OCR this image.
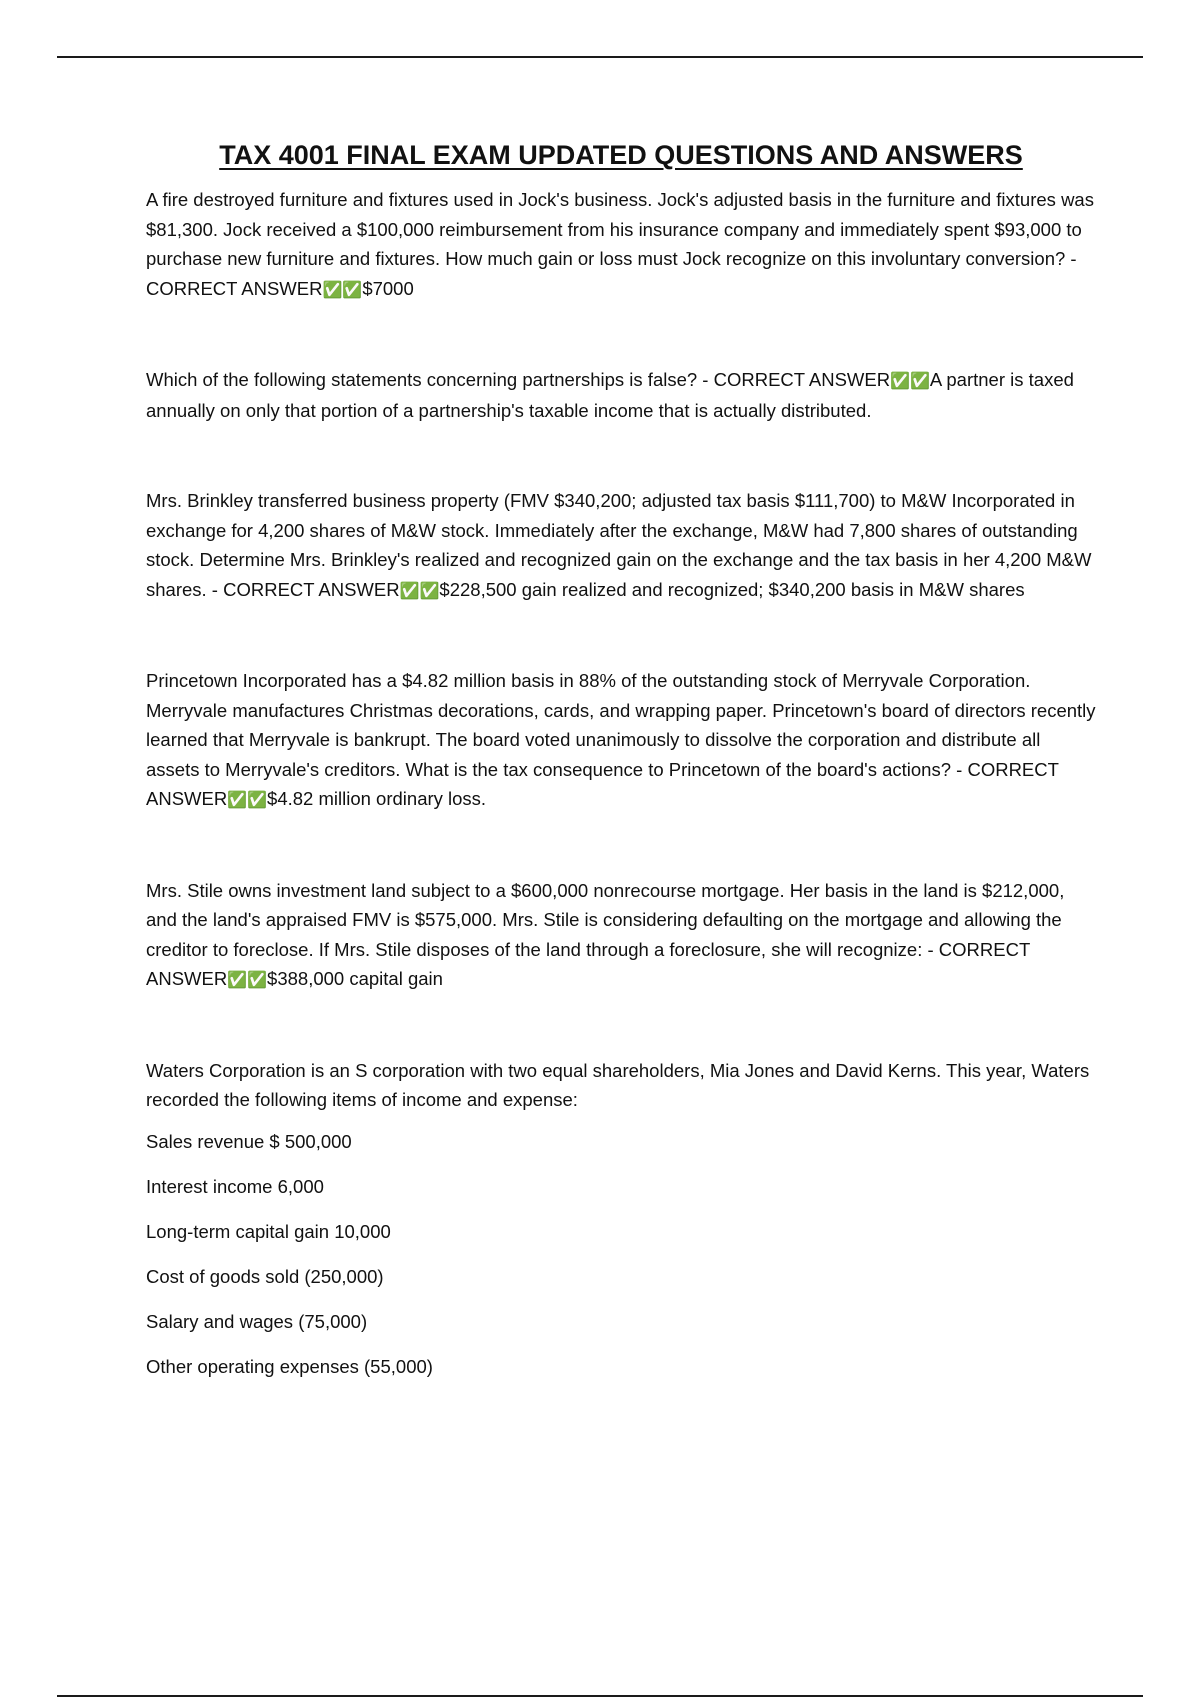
TAX 4001 FINAL EXAM UPDATED QUESTIONS AND ANSWERS

A fire destroyed furniture and fixtures used in Jock's business. Jock's adjusted basis in the furniture and fixtures was $81,300. Jock received a $100,000 reimbursement from his insurance company and immediately spent $93,000 to purchase new furniture and fixtures. How much gain or loss must Jock recognize on this involuntary conversion? - CORRECT ANSWER✅✅$7000

Which of the following statements concerning partnerships is false? - CORRECT ANSWER✅✅A partner is taxed annually on only that portion of a partnership's taxable income that is actually distributed.

Mrs. Brinkley transferred business property (FMV $340,200; adjusted tax basis $111,700) to M&W Incorporated in exchange for 4,200 shares of M&W stock. Immediately after the exchange, M&W had 7,800 shares of outstanding stock. Determine Mrs. Brinkley's realized and recognized gain on the exchange and the tax basis in her 4,200 M&W shares. - CORRECT ANSWER✅✅$228,500 gain realized and recognized; $340,200 basis in M&W shares

Princetown Incorporated has a $4.82 million basis in 88% of the outstanding stock of Merryvale Corporation. Merryvale manufactures Christmas decorations, cards, and wrapping paper. Princetown's board of directors recently learned that Merryvale is bankrupt. The board voted unanimously to dissolve the corporation and distribute all assets to Merryvale's creditors. What is the tax consequence to Princetown of the board's actions? - CORRECT ANSWER✅✅$4.82 million ordinary loss.

Mrs. Stile owns investment land subject to a $600,000 nonrecourse mortgage. Her basis in the land is $212,000, and the land's appraised FMV is $575,000. Mrs. Stile is considering defaulting on the mortgage and allowing the creditor to foreclose. If Mrs. Stile disposes of the land through a foreclosure, she will recognize: - CORRECT ANSWER✅✅$388,000 capital gain

Waters Corporation is an S corporation with two equal shareholders, Mia Jones and David Kerns. This year, Waters recorded the following items of income and expense:

Sales revenue $ 500,000

Interest income 6,000

Long-term capital gain 10,000

Cost of goods sold (250,000)

Salary and wages (75,000)

Other operating expenses (55,000)
